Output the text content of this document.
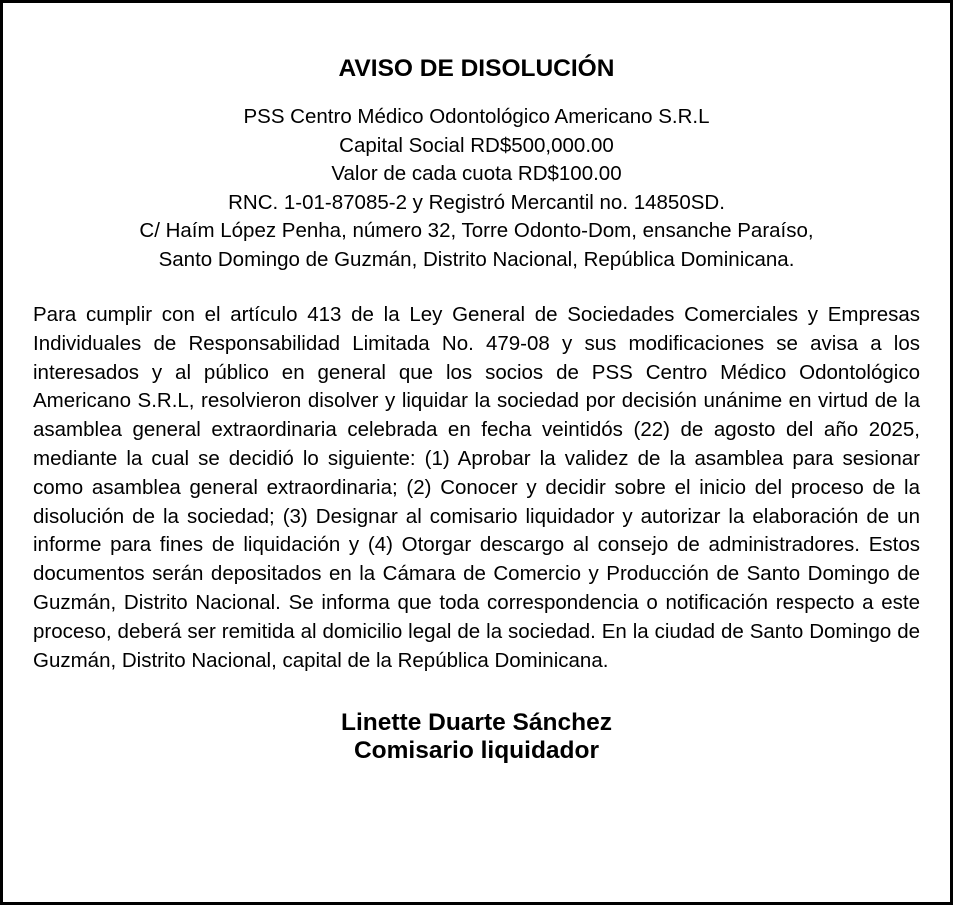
AVISO DE DISOLUCIÓN
PSS Centro Médico Odontológico Americano S.R.L
Capital Social RD$500,000.00
Valor de cada cuota RD$100.00
RNC. 1-01-87085-2 y Registró Mercantil no. 14850SD.
C/ Haím López Penha, número 32, Torre Odonto-Dom, ensanche Paraíso,
Santo Domingo de Guzmán, Distrito Nacional, República Dominicana.

Para cumplir con el artículo 413 de la Ley General de Sociedades Comerciales y Empresas Individuales de Responsabilidad Limitada No. 479-08 y sus modificaciones se avisa a los interesados y al público en general que los socios de PSS Centro Médico Odontológico Americano S.R.L, resolvieron disolver y liquidar la sociedad por decisión unánime en virtud de la asamblea general extraordinaria celebrada en fecha veintidós (22) de agosto del año 2025, mediante la cual se decidió lo siguiente: (1) Aprobar la validez de la asamblea para sesionar como asamblea general extraordinaria; (2) Conocer y decidir sobre el inicio del proceso de la disolución de la sociedad; (3) Designar al comisario liquidador y autorizar la elaboración de un informe para fines de liquidación y (4) Otorgar descargo al consejo de administradores. Estos documentos serán depositados en la Cámara de Comercio y Producción de Santo Domingo de Guzmán, Distrito Nacional. Se informa que toda correspondencia o notificación respecto a este proceso, deberá ser remitida al domicilio legal de la sociedad. En la ciudad de Santo Domingo de Guzmán, Distrito Nacional, capital de la República Dominicana.

Linette Duarte Sánchez
Comisario liquidador
